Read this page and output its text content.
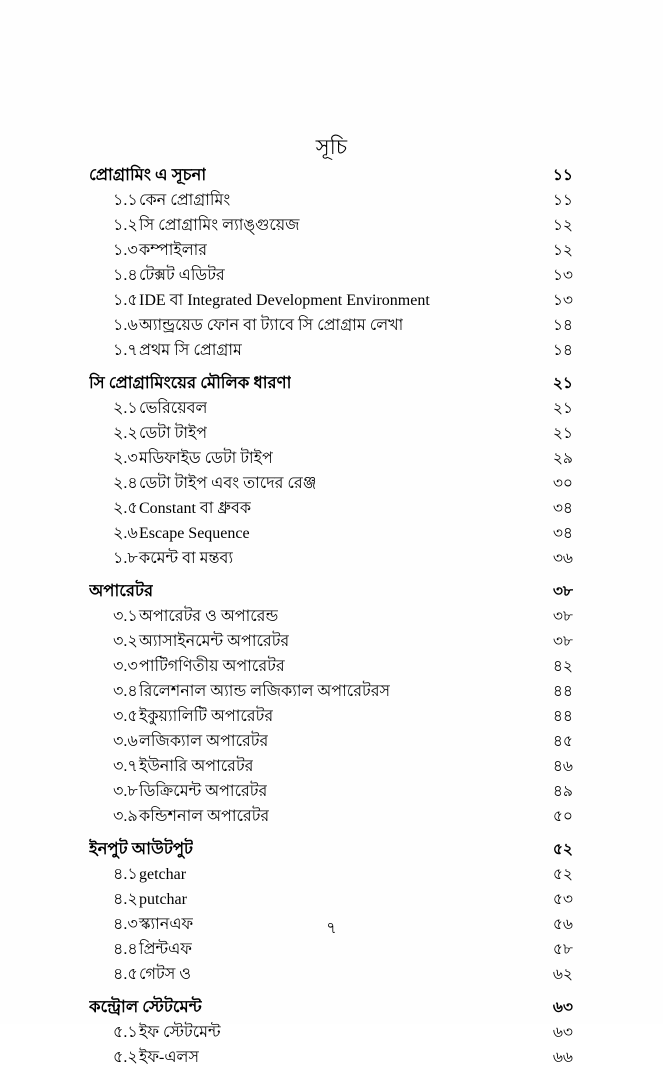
সূচি
প্রোগ্রামিং এ সূচনা	১১
১.১কেন প্রোগ্রামিং	১১
১.২সি প্রোগ্রামিং ল্যাঙ্গুয়েজ	১২
১.৩কম্পাইলার	১২
১.৪টেক্সট এডিটর	১৩
১.৫IDE বা Integrated Development Environment	১৩
১.৬অ্যান্ড্রয়েড ফোন বা ট্যাবে সি প্রোগ্রাম লেখা	১৪
১.৭প্রথম সি প্রোগ্রাম	১৪
সি প্রোগ্রামিংয়ের মৌলিক ধারণা	২১
২.১ভেরিয়েবল	২১
২.২ডেটা টাইপ	২১
২.৩মডিফাইড ডেটা টাইপ	২৯
২.৪ডেটা টাইপ এবং তাদের রেঞ্জ	৩০
২.৫Constant বা ধ্রুবক	৩৪
২.৬Escape Sequence	৩৪
১.৮কমেন্ট বা মন্তব্য	৩৬
অপারেটর	৩৮
৩.১অপারেটর ও অপারেন্ড	৩৮
৩.২অ্যাসাইনমেন্ট অপারেটর	৩৮
৩.৩পাটিগণিতীয় অপারেটর	৪২
৩.৪রিলেশনাল অ্যান্ড লজিক্যাল অপারেটরস	৪৪
৩.৫ইকুয়্যালিটি অপারেটর	৪৪
৩.৬লজিক্যাল অপারেটর	৪৫
৩.৭ইউনারি অপারেটর	৪৬
৩.৮ডিক্রিমেন্ট অপারেটর	৪৯
৩.৯কন্ডিশনাল অপারেটর	৫০
ইনপুট আউটপুট	৫২
৪.১getchar	৫২
৪.২putchar	৫৩
৪.৩স্ক্যানএফ	৫৬
৪.৪প্রিন্টএফ	৫৮
৪.৫গেটস ও	৬২
কন্ট্রোল স্টেটমেন্ট	৬৩
৫.১ইফ স্টেটমেন্ট	৬৩
৫.২ইফ-এলস	৬৬
৭
